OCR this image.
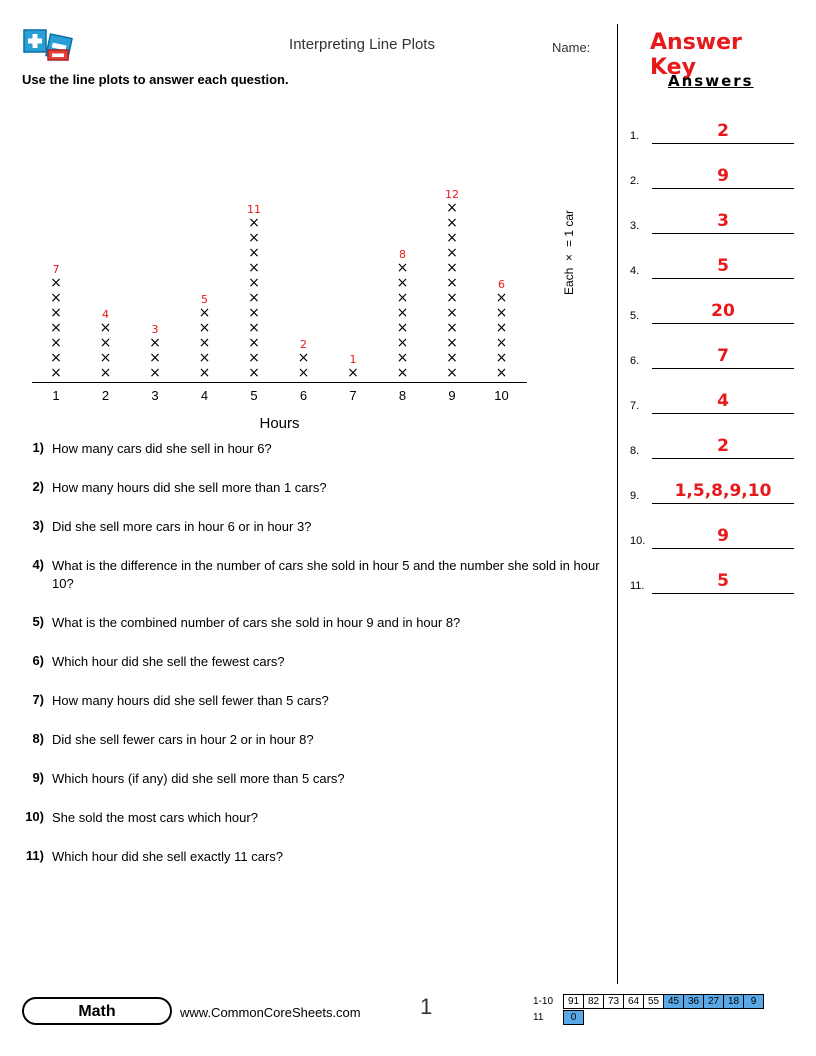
Interpreting Line Plots	Name:	Answer Key
Use the line plots to answer each question.
7
×
×
×
×
×
×
×
4
×
×
×
×
3
×
×
×
5
×
×
×
×
×
11
×
×
×
×
×
×
×
×
×
×
×
2
×
×
1
×
8
×
×
×
×
×
×
×
×
12
×
×
×
×
×
×
×
×
×
×
×
×
6
×
×
×
×
×
×
1	2	3	4	5	6	7	8	9	10
Hours
Each × = 1 car
1) How many cars did she sell in hour 6?
2) How many hours did she sell more than 1 cars?
3) Did she sell more cars in hour 6 or in hour 3?
4) What is the difference in the number of cars she sold in hour 5 and the number she sold in hour 10?
5) What is the combined number of cars she sold in hour 9 and in hour 8?
6) Which hour did she sell the fewest cars?
7) How many hours did she sell fewer than 5 cars?
8) Did she sell fewer cars in hour 2 or in hour 8?
9) Which hours (if any) did she sell more than 5 cars?
10) She sold the most cars which hour?
11) Which hour did she sell exactly 11 cars?
Answers
1.	2
2.	9
3.	3
4.	5
5.	20
6.	7
7.	4
8.	2
9.	1,5,8,9,10
10.	9
11.	5
Math	www.CommonCoreSheets.com	1	1-10	91 82 73 64 55 45 36 27 18	9
11	0
